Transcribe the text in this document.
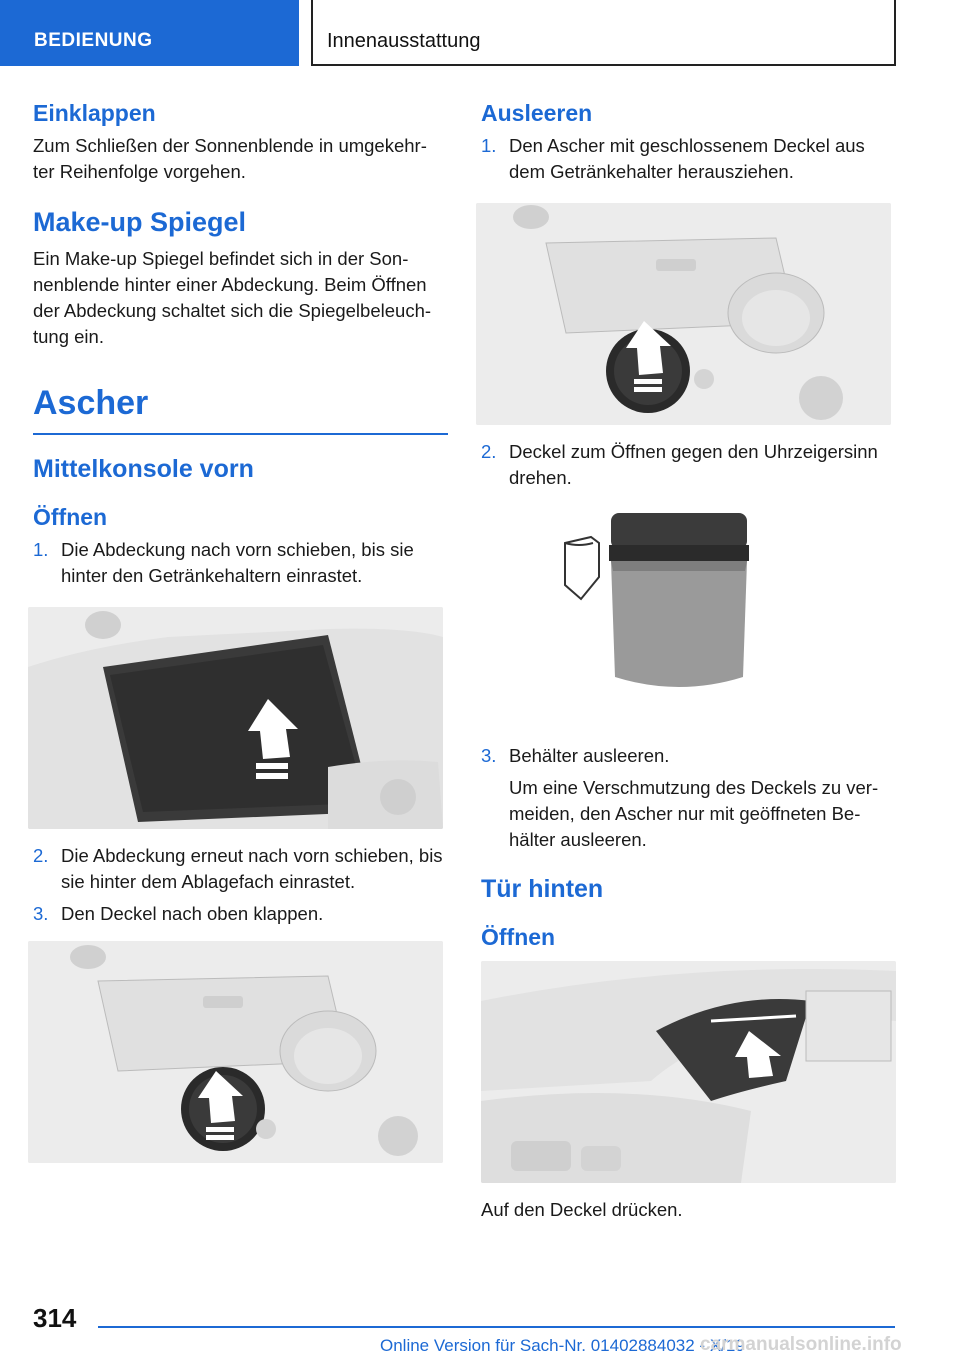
BEDIENUNG	Innenausstattung
Einklappen

Zum Schließen der Sonnenblende in umgekehr-ter Reihenfolge vorgehen.

Make-up Spiegel

Ein Make-up Spiegel befindet sich in der Son-nenblende hinter einer Abdeckung. Beim Öffnen der Abdeckung schaltet sich die Spiegelbeleuch-tung ein.

Ascher
Mittelkonsole vorn
Öffnen
1. Die Abdeckung nach vorn schieben, bis sie hinter den Getränkehaltern einrastet.
2. Die Abdeckung erneut nach vorn schieben, bis sie hinter dem Ablagefach einrastet.
3. Den Deckel nach oben klappen.
Ausleeren
1. Den Ascher mit geschlossenem Deckel aus dem Getränkehalter herausziehen.
2. Deckel zum Öffnen gegen den Uhrzeigersinn drehen.
3. Behälter ausleeren.
Um eine Verschmutzung des Deckels zu ver-meiden, den Ascher nur mit geöffneten Be-hälter ausleeren.
Tür hinten
Öffnen

Auf den Deckel drücken.

314
Online Version für Sach-Nr. 01402884032 - X/19
carmanualsonline.info
